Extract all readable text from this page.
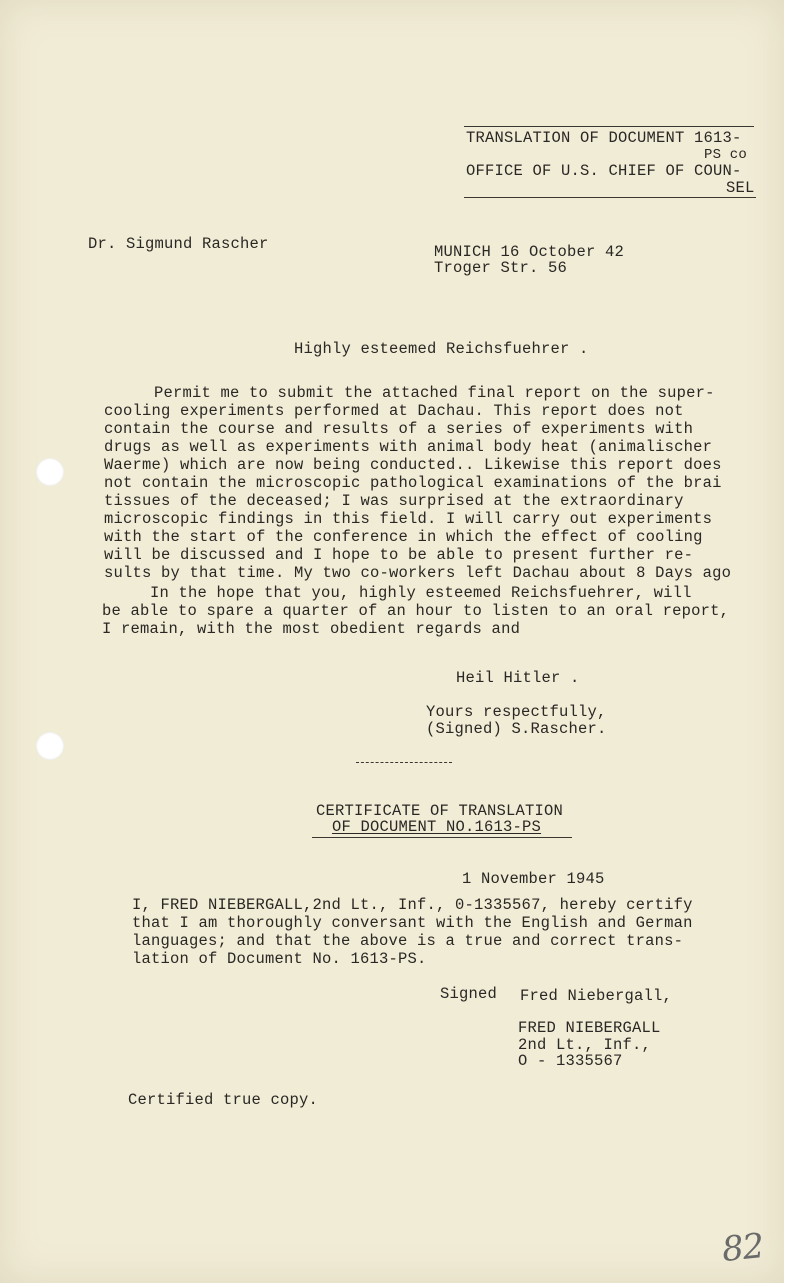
TRANSLATION OF DOCUMENT 1613-
PS co
OFFICE OF U.S. CHIEF OF COUN-
SEL
Dr. Sigmund Rascher	MUNICH 16 October 42
Troger Str. 56
Highly esteemed Reichsfuehrer .
Permit me to submit the attached final report on the super-
cooling experiments performed at Dachau. This report does not
contain the course and results of a series of experiments with
drugs as well as experiments with animal body heat (animalischer
Waerme) which are now being conducted.. Likewise this report does
not contain the microscopic pathological examinations of the brai
tissues of the deceased; I was surprised at the extraordinary
microscopic findings in this field. I will carry out experiments
with the start of the conference in which the effect of cooling
will be discussed and I hope to be able to present further re-
sults by that time. My two co-workers left Dachau about 8 Days ago
In the hope that you, highly esteemed Reichsfuehrer, will
be able to spare a quarter of an hour to listen to an oral report,
I remain, with the most obedient regards and
Heil Hitler .
Yours respectfully,
(Signed) S.Rascher.
CERTIFICATE OF TRANSLATION
OF DOCUMENT NO.1613-PS
1 November 1945
I, FRED NIEBERGALL,2nd Lt., Inf., 0-1335567, hereby certify
that I am thoroughly conversant with the English and German
languages; and that the above is a true and correct trans-
lation of Document No. 1613-PS.
Signed Fred Niebergall,
FRED NIEBERGALL
2nd Lt., Inf.,
O - 1335567
Certified true copy.
82
